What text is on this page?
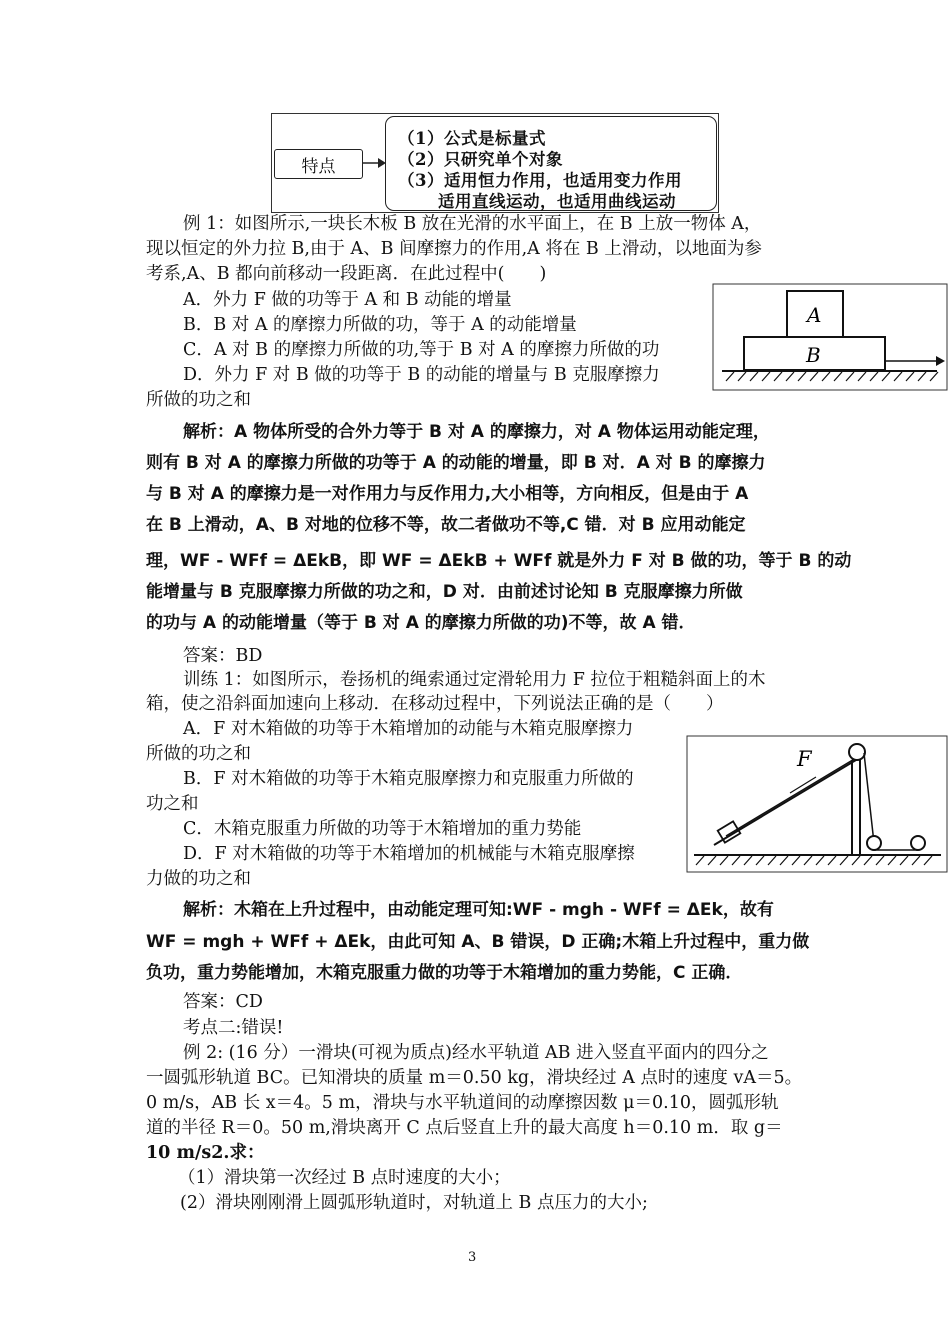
特点
（1）公式是标量式
（2）只研究单个对象
（3）适用恒力作用，也适用变力作用
适用直线运动，也适用曲线运动
例 1：如图所示,一块长木板 B 放在光滑的水平面上，在 B 上放一物体 A，
现以恒定的外力拉 B,由于 A、B 间摩擦力的作用,A 将在 B 上滑动，以地面为参
考系,A、B 都向前移动一段距离．在此过程中(　　)
A．外力 F 做的功等于 A 和 B 动能的增量
B．B 对 A 的摩擦力所做的功，等于 A 的动能增量
C．A 对 B 的摩擦力所做的功,等于 B 对 A 的摩擦力所做的功
D．外力 F 对 B 做的功等于 B 的动能的增量与 B 克服摩擦力
所做的功之和
A
B
解析：A 物体所受的合外力等于 B 对 A 的摩擦力，对 A 物体运用动能定理，
则有 B 对 A 的摩擦力所做的功等于 A 的动能的增量，即 B 对．A 对 B 的摩擦力
与 B 对 A 的摩擦力是一对作用力与反作用力,大小相等，方向相反，但是由于 A
在 B 上滑动，A、B 对地的位移不等，故二者做功不等,C 错．对 B 应用动能定
理，WF - WFf = ΔEkB，即 WF = ΔEkB + WFf 就是外力 F 对 B 做的功，等于 B 的动
能增量与 B 克服摩擦力所做的功之和，D 对．由前述讨论知 B 克服摩擦力所做
的功与 A 的动能增量（等于 B 对 A 的摩擦力所做的功)不等，故 A 错．
答案：BD
训练 1：如图所示，卷扬机的绳索通过定滑轮用力 F 拉位于粗糙斜面上的木
箱，使之沿斜面加速向上移动．在移动过程中，下列说法正确的是（　　）
A．F 对木箱做的功等于木箱增加的动能与木箱克服摩擦力
所做的功之和
B．F 对木箱做的功等于木箱克服摩擦力和克服重力所做的
功之和
C．木箱克服重力所做的功等于木箱增加的重力势能
D．F 对木箱做的功等于木箱增加的机械能与木箱克服摩擦
力做的功之和
F
解析：木箱在上升过程中，由动能定理可知:WF - mgh - WFf = ΔEk，故有
WF = mgh + WFf + ΔEk，由此可知 A、B 错误，D 正确;木箱上升过程中，重力做
负功，重力势能增加，木箱克服重力做的功等于木箱增加的重力势能，C 正确．
答案：CD
考点二:错误!
例 2: (16 分）一滑块(可视为质点)经水平轨道 AB 进入竖直平面内的四分之
一圆弧形轨道 BC。已知滑块的质量 m＝0.50 kg，滑块经过 A 点时的速度 vA＝5。
0 m/s，AB 长 x＝4。5 m，滑块与水平轨道间的动摩擦因数 μ＝0.10，圆弧形轨
道的半径 R＝0。50 m,滑块离开 C 点后竖直上升的最大高度 h＝0.10 m．取 g＝
10 m/s2.求：
（1）滑块第一次经过 B 点时速度的大小；
(2）滑块刚刚滑上圆弧形轨道时，对轨道上 B 点压力的大小;
3
